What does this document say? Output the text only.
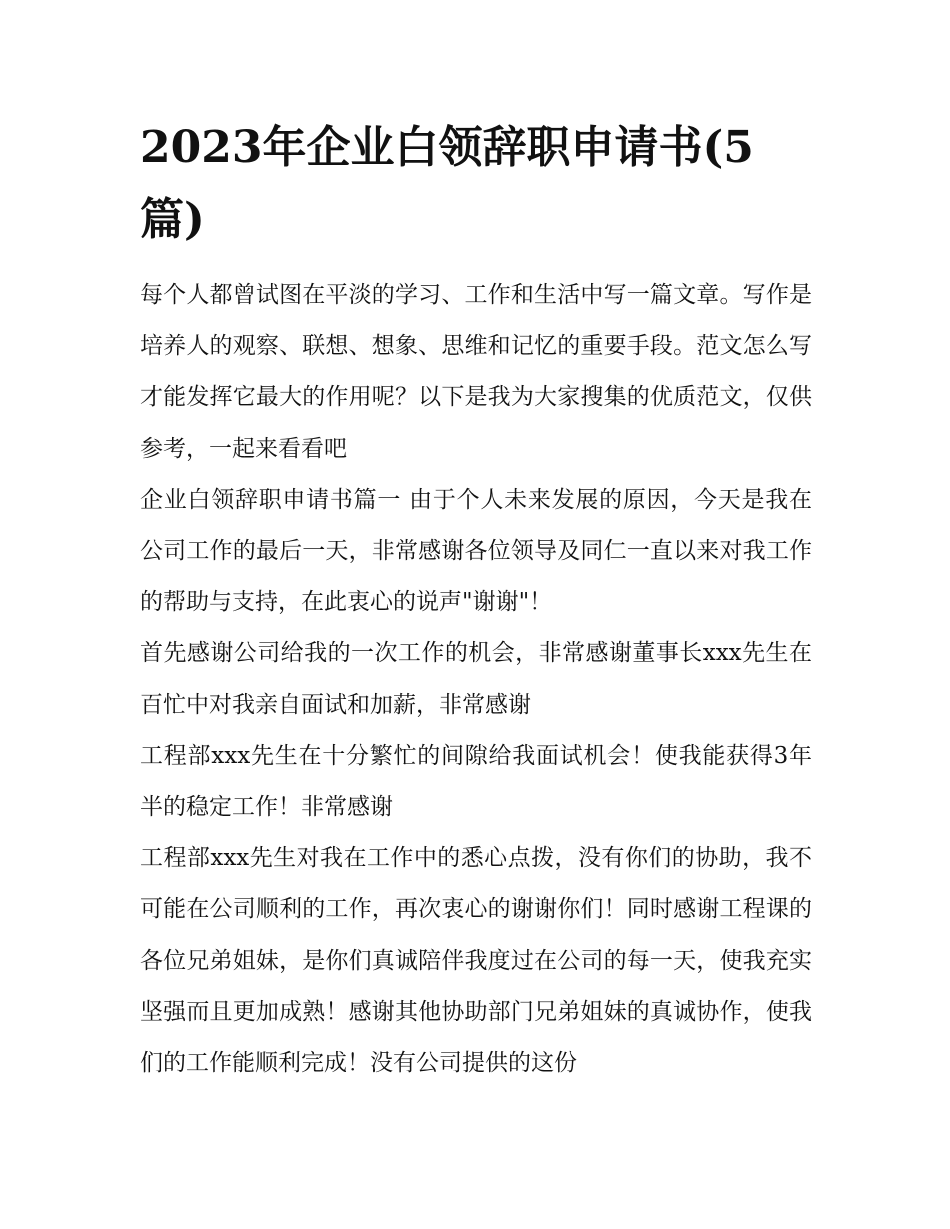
2023年企业白领辞职申请书(5篇)

每个人都曾试图在平淡的学习、工作和生活中写一篇文章。写作是培养人的观察、联想、想象、思维和记忆的重要手段。范文怎么写才能发挥它最大的作用呢？以下是我为大家搜集的优质范文，仅供参考，一起来看看吧

企业白领辞职申请书篇一 由于个人未来发展的原因，今天是我在公司工作的最后一天，非常感谢各位领导及同仁一直以来对我工作的帮助与支持，在此衷心的说声"谢谢"！

首先感谢公司给我的一次工作的机会，非常感谢董事长xxx先生在百忙中对我亲自面试和加薪，非常感谢

工程部xxx先生在十分繁忙的间隙给我面试机会！使我能获得3年半的稳定工作！非常感谢

工程部xxx先生对我在工作中的悉心点拨，没有你们的协助，我不可能在公司顺利的工作，再次衷心的谢谢你们！同时感谢工程课的各位兄弟姐妹，是你们真诚陪伴我度过在公司的每一天，使我充实坚强而且更加成熟！感谢其他协助部门兄弟姐妹的真诚协作，使我们的工作能顺利完成！没有公司提供的这份
